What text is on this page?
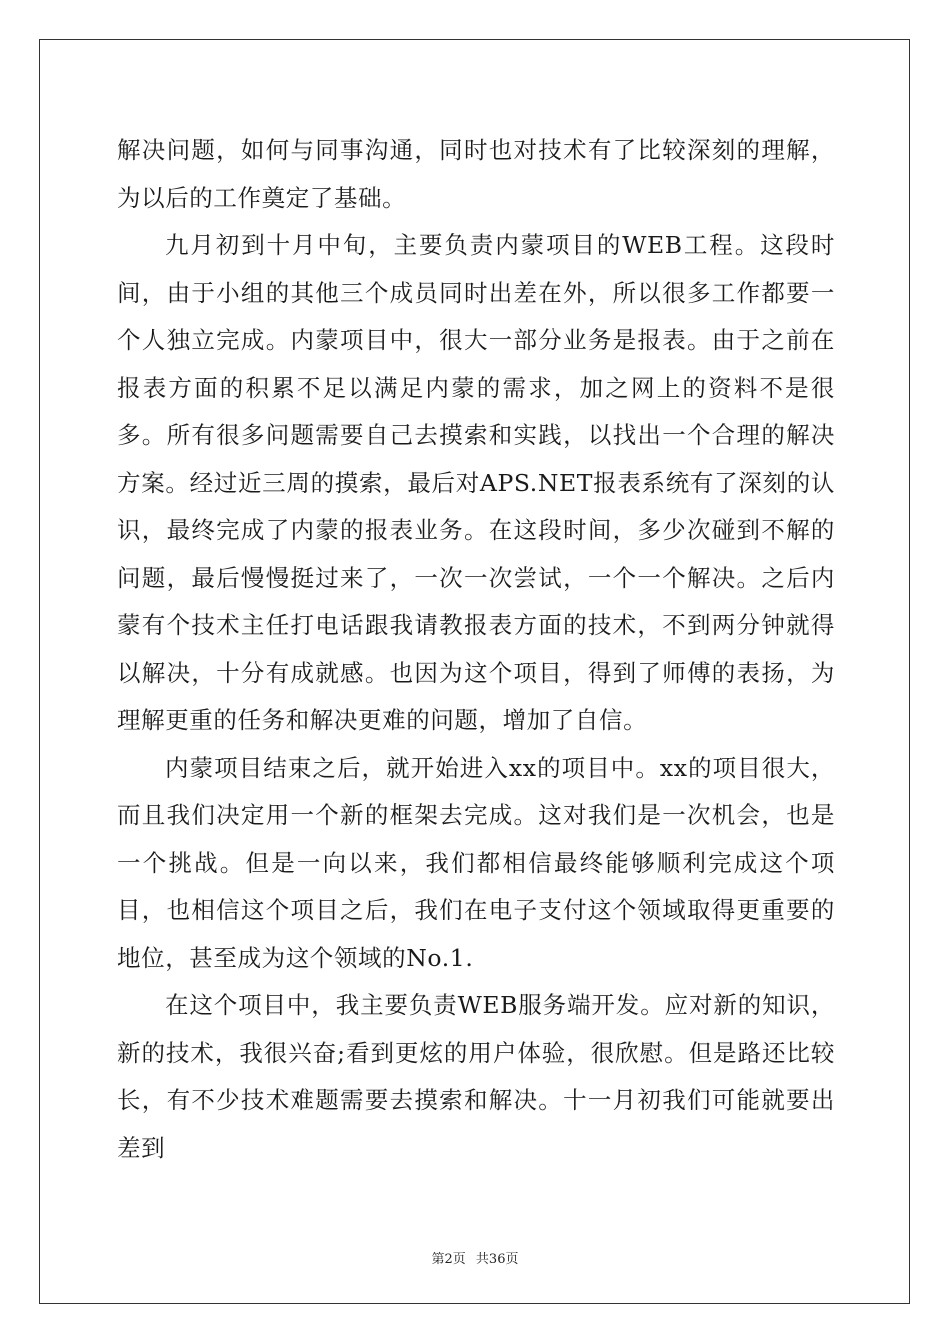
解决问题，如何与同事沟通，同时也对技术有了比较深刻的理解，为以后的工作奠定了基础。

九月初到十月中旬，主要负责内蒙项目的WEB工程。这段时间，由于小组的其他三个成员同时出差在外，所以很多工作都要一个人独立完成。内蒙项目中，很大一部分业务是报表。由于之前在报表方面的积累不足以满足内蒙的需求，加之网上的资料不是很多。所有很多问题需要自己去摸索和实践，以找出一个合理的解决方案。经过近三周的摸索，最后对APS.NET报表系统有了深刻的认识，最终完成了内蒙的报表业务。在这段时间，多少次碰到不解的问题，最后慢慢挺过来了，一次一次尝试，一个一个解决。之后内蒙有个技术主任打电话跟我请教报表方面的技术，不到两分钟就得以解决，十分有成就感。也因为这个项目，得到了师傅的表扬，为理解更重的任务和解决更难的问题，增加了自信。

内蒙项目结束之后，就开始进入xx的项目中。xx的项目很大，而且我们决定用一个新的框架去完成。这对我们是一次机会，也是一个挑战。但是一向以来，我们都相信最终能够顺利完成这个项目，也相信这个项目之后，我们在电子支付这个领域取得更重要的地位，甚至成为这个领域的No.1.

在这个项目中，我主要负责WEB服务端开发。应对新的知识，新的技术，我很兴奋;看到更炫的用户体验，很欣慰。但是路还比较长，有不少技术难题需要去摸索和解决。十一月初我们可能就要出差到

第2页 共36页
